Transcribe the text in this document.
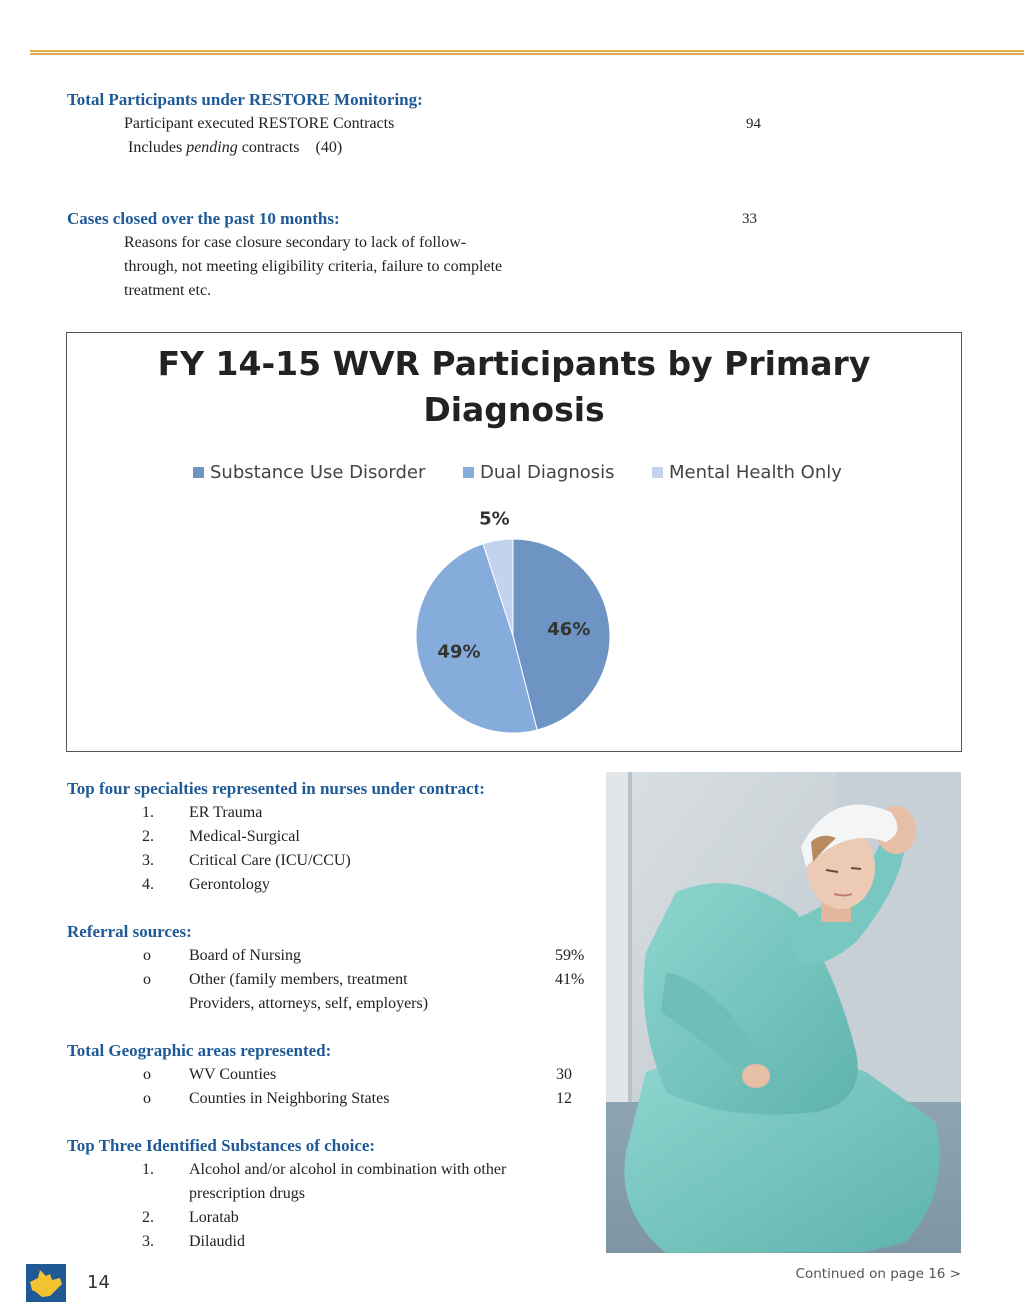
Total Participants under RESTORE Monitoring:
Participant executed RESTORE Contracts	94
Includes pending contracts (40)
Cases closed over the past 10 months:	33
Reasons for case closure secondary to lack of follow-
through, not meeting eligibility criteria, failure to complete
treatment etc.
FY 14-15 WVR Participants by Primary
Diagnosis
Substance Use Disorder	Dual Diagnosis	Mental Health Only
46%
49%
5%
Top four specialties represented in nurses under contract:
1. ER Trauma
2. Medical-Surgical
3. Critical Care (ICU/CCU)
4. Gerontology
Referral sources:
o Board of Nursing	59%
o Other (family members, treatment	41%
Providers, attorneys, self, employers)
Total Geographic areas represented:
o WV Counties	30
o Counties in Neighboring States	12
Top Three Identified Substances of choice:
1. Alcohol and/or alcohol in combination with other
prescription drugs
2. Loratab
3. Dilaudid
14	Continued on page 16 >
